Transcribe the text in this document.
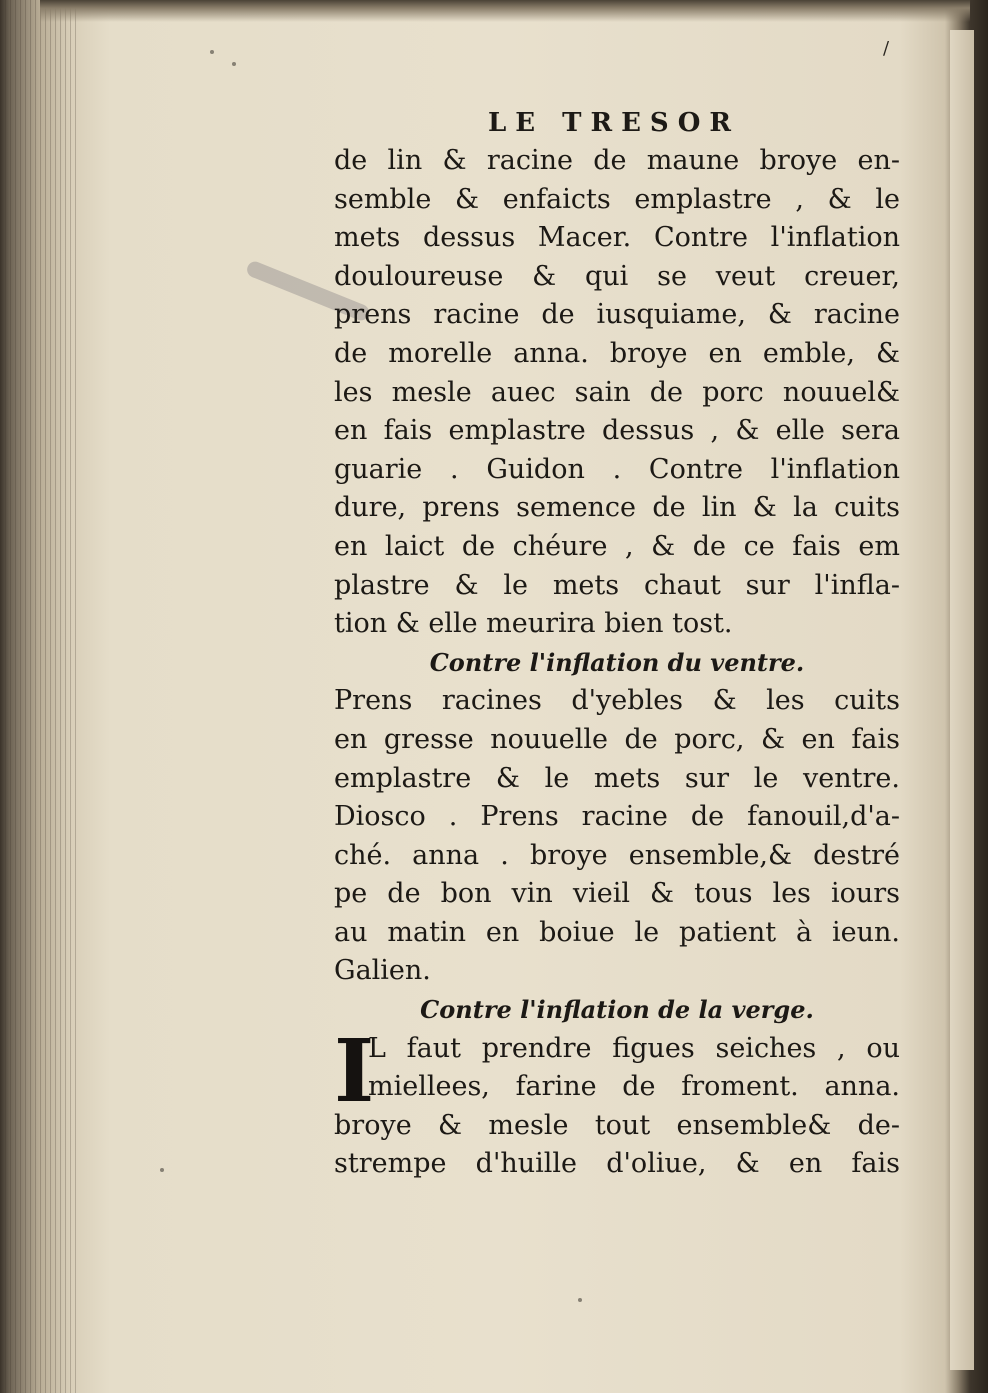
/
LE TRESOR
de lin & racine de maune broye en-
semble & enfaicts emplastre , & le
mets dessus Macer. Contre l'inflation
douloureuse & qui se veut creuer,
prens racine de iusquiame, & racine
de morelle anna. broye en emble, &
les mesle auec sain de porc nouuel&
en fais emplastre dessus , & elle sera
guarie . Guidon . Contre l'inflation
dure, prens semence de lin & la cuits
en laict de chéure , & de ce fais em
plastre & le mets chaut sur l'infla-
tion & elle meurira bien tost.
Contre l'inflation du ventre.
Prens racines d'yebles & les cuits
en gresse nouuelle de porc, & en fais
emplastre & le mets sur le ventre.
Diosco . Prens racine de fanouil,d'a-
ché. anna . broye ensemble,& destré
pe de bon vin vieil & tous les iours
au matin en boiue le patient à ieun.
Galien.
Contre l'inflation de la verge.
I
L faut prendre figues seiches , ou
miellees, farine de froment. anna.
broye & mesle tout ensemble& de-
strempe d'huille d'oliue, & en fais
